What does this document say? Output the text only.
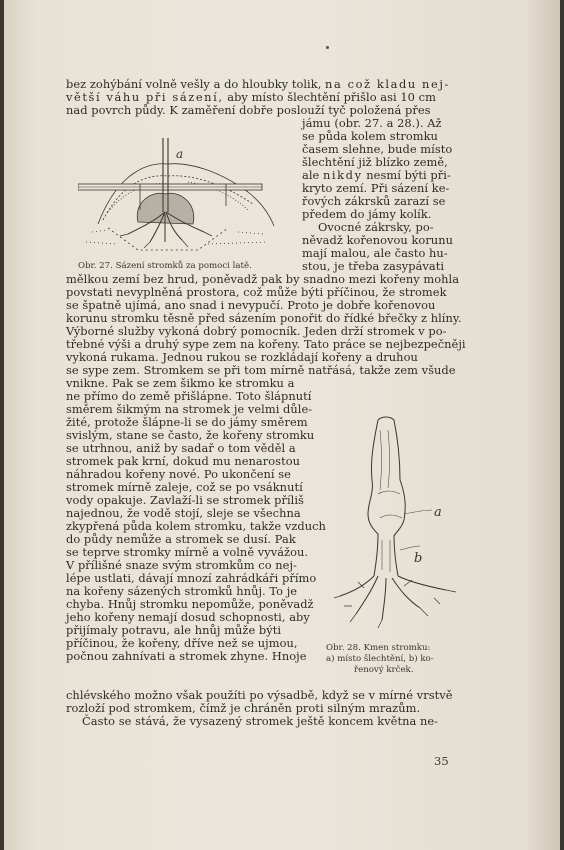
bez zohýbání volně vešly a do hloubky tolik, na což kladu nej-
větší váhu při sázení, aby místo šlechtění přišlo asi 10 cm
nad povrch půdy. K zaměření dobře poslouží tyč položená přes
jámu (obr. 27. a 28.). Až
se půda kolem stromku
časem slehne, bude místo
šlechtění již blízko země,
ale nikdy nesmí býti při-
kryto zemí. Při sázení ke-
řových zákrsků zarazí se
předem do jámy kolík.
Ovocné zákrsky, po-
něvadž kořenovou korunu
mají malou, ale často hu-
stou, je třeba zasypávati
mělkou zemí bez hrud, poněvadž pak by snadno mezi kořeny mohla
povstati nevyplněná prostora, což může býti příčinou, že stromek
se špatně ujímá, ano snad i nevypučí. Proto je dobře kořenovou
korunu stromku těsně před sázením ponořit do řídké břečky z hlíny.
Výborné služby vykoná dobrý pomocník. Jeden drží stromek v po-
třebné výši a druhý sype zem na kořeny. Tato práce se nejbezpečněji
vykoná rukama. Jednou rukou se rozkládají kořeny a druhou
se sype zem. Stromkem se při tom mírně natřásá, takže zem všude
vnikne. Pak se zem šikmo ke stromku a
ne přímo do země přišlápne. Toto šlápnutí
směrem šikmým na stromek je velmi důle-
žité, protože šlápne-li se do jámy směrem
svislým, stane se často, že kořeny stromku
se utrhnou, aniž by sadař o tom věděl a
stromek pak krní, dokud mu nenarostou
náhradou kořeny nové. Po ukončení se
stromek mírně zaleje, což se po vsáknutí
vody opakuje. Zavlaží-li se stromek příliš
najednou, že vodě stojí, sleje se všechna
zkypřená půda kolem stromku, takže vzduch
do půdy nemůže a stromek se dusí. Pak
se teprve stromky mírně a volně vyvážou.
V přílišné snaze svým stromkům co nej-
lépe ustlati, dávají mnozí zahrádkáři přímo
na kořeny sázených stromků hnůj. To je
chyba. Hnůj stromku nepomůže, poněvadž
jeho kořeny nemají dosud schopnosti, aby
přijímaly potravu, ale hnůj může býti
příčinou, že kořeny, dříve než se ujmou,
počnou zahnívati a stromek zhyne. Hnoje
chlévského možno však použíti po výsadbě, když se v mírné vrstvě
rozloží pod stromkem, čímž je chráněn proti silným mrazům.
Často se stává, že vysazený stromek ještě koncem května ne-
a
Obr. 27. Sázení stromků za pomoci latě.
a
b
Obr. 28. Kmen stromku:
a) místo šlechtění, b) ko-
řenový krček.
35
